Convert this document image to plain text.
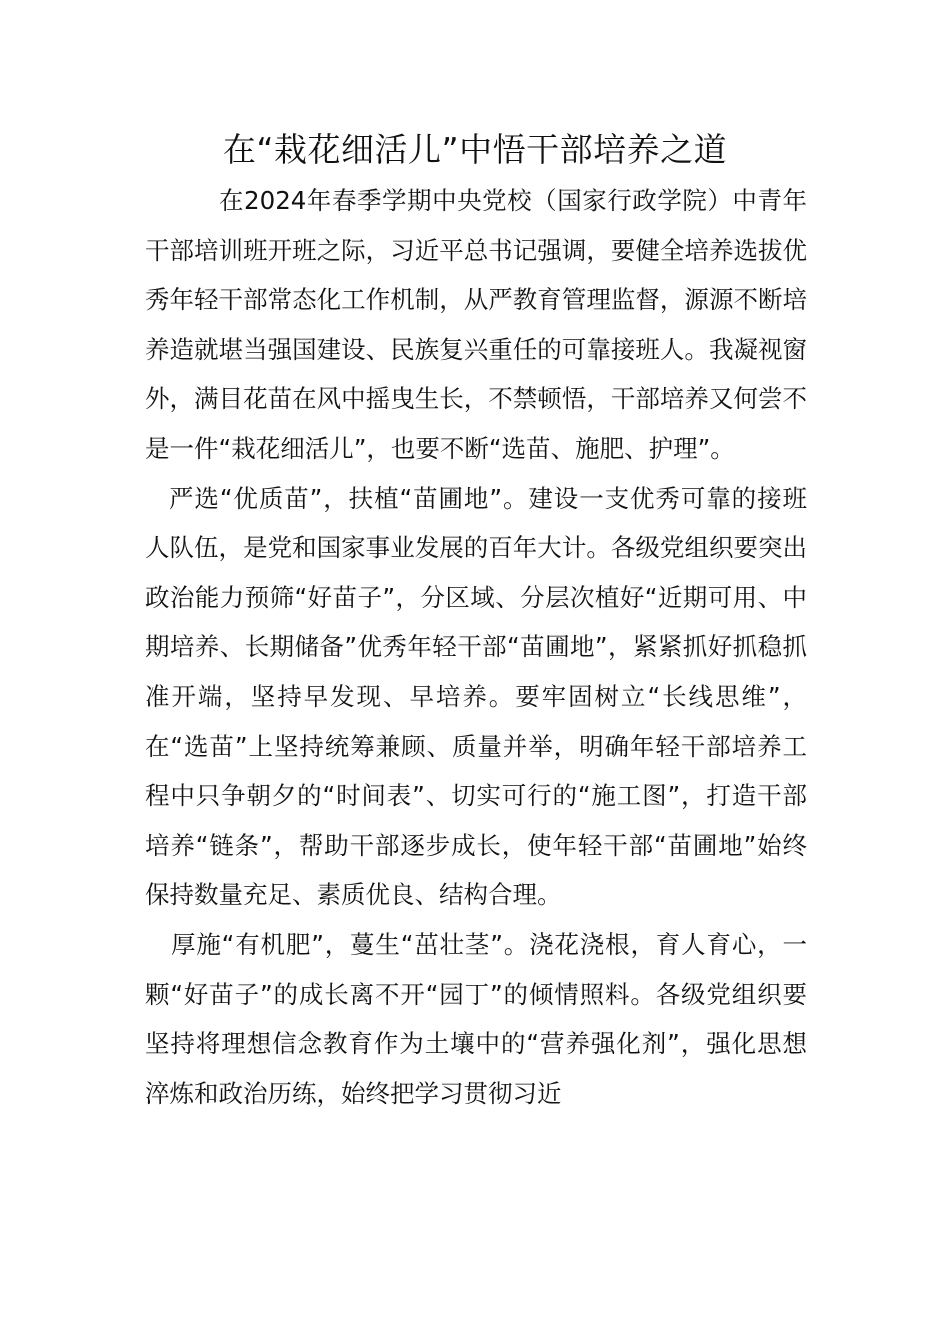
在“栽花细活儿”中悟干部培养之道

在2024年春季学期中央党校（国家行政学院）中青年干部培训班开班之际，习近平总书记强调，要健全培养选拔优秀年轻干部常态化工作机制，从严教育管理监督，源源不断培养造就堪当强国建设、民族复兴重任的可靠接班人。我凝视窗外，满目花苗在风中摇曳生长，不禁顿悟，干部培养又何尝不是一件“栽花细活儿”，也要不断“选苗、施肥、护理”。

严选“优质苗”，扶植“苗圃地”。建设一支优秀可靠的接班人队伍，是党和国家事业发展的百年大计。各级党组织要突出政治能力预筛“好苗子”，分区域、分层次植好“近期可用、中期培养、长期储备”优秀年轻干部“苗圃地”，紧紧抓好抓稳抓准开端，坚持早发现、早培养。要牢固树立“长线思维”，在“选苗”上坚持统筹兼顾、质量并举，明确年轻干部培养工程中只争朝夕的“时间表”、切实可行的“施工图”，打造干部培养“链条”，帮助干部逐步成长，使年轻干部“苗圃地”始终保持数量充足、素质优良、结构合理。

厚施“有机肥”，蔓生“茁壮茎”。浇花浇根，育人育心，一颗“好苗子”的成长离不开“园丁”的倾情照料。各级党组织要坚持将理想信念教育作为土壤中的“营养强化剂”，强化思想淬炼和政治历练，始终把学习贯彻习近
